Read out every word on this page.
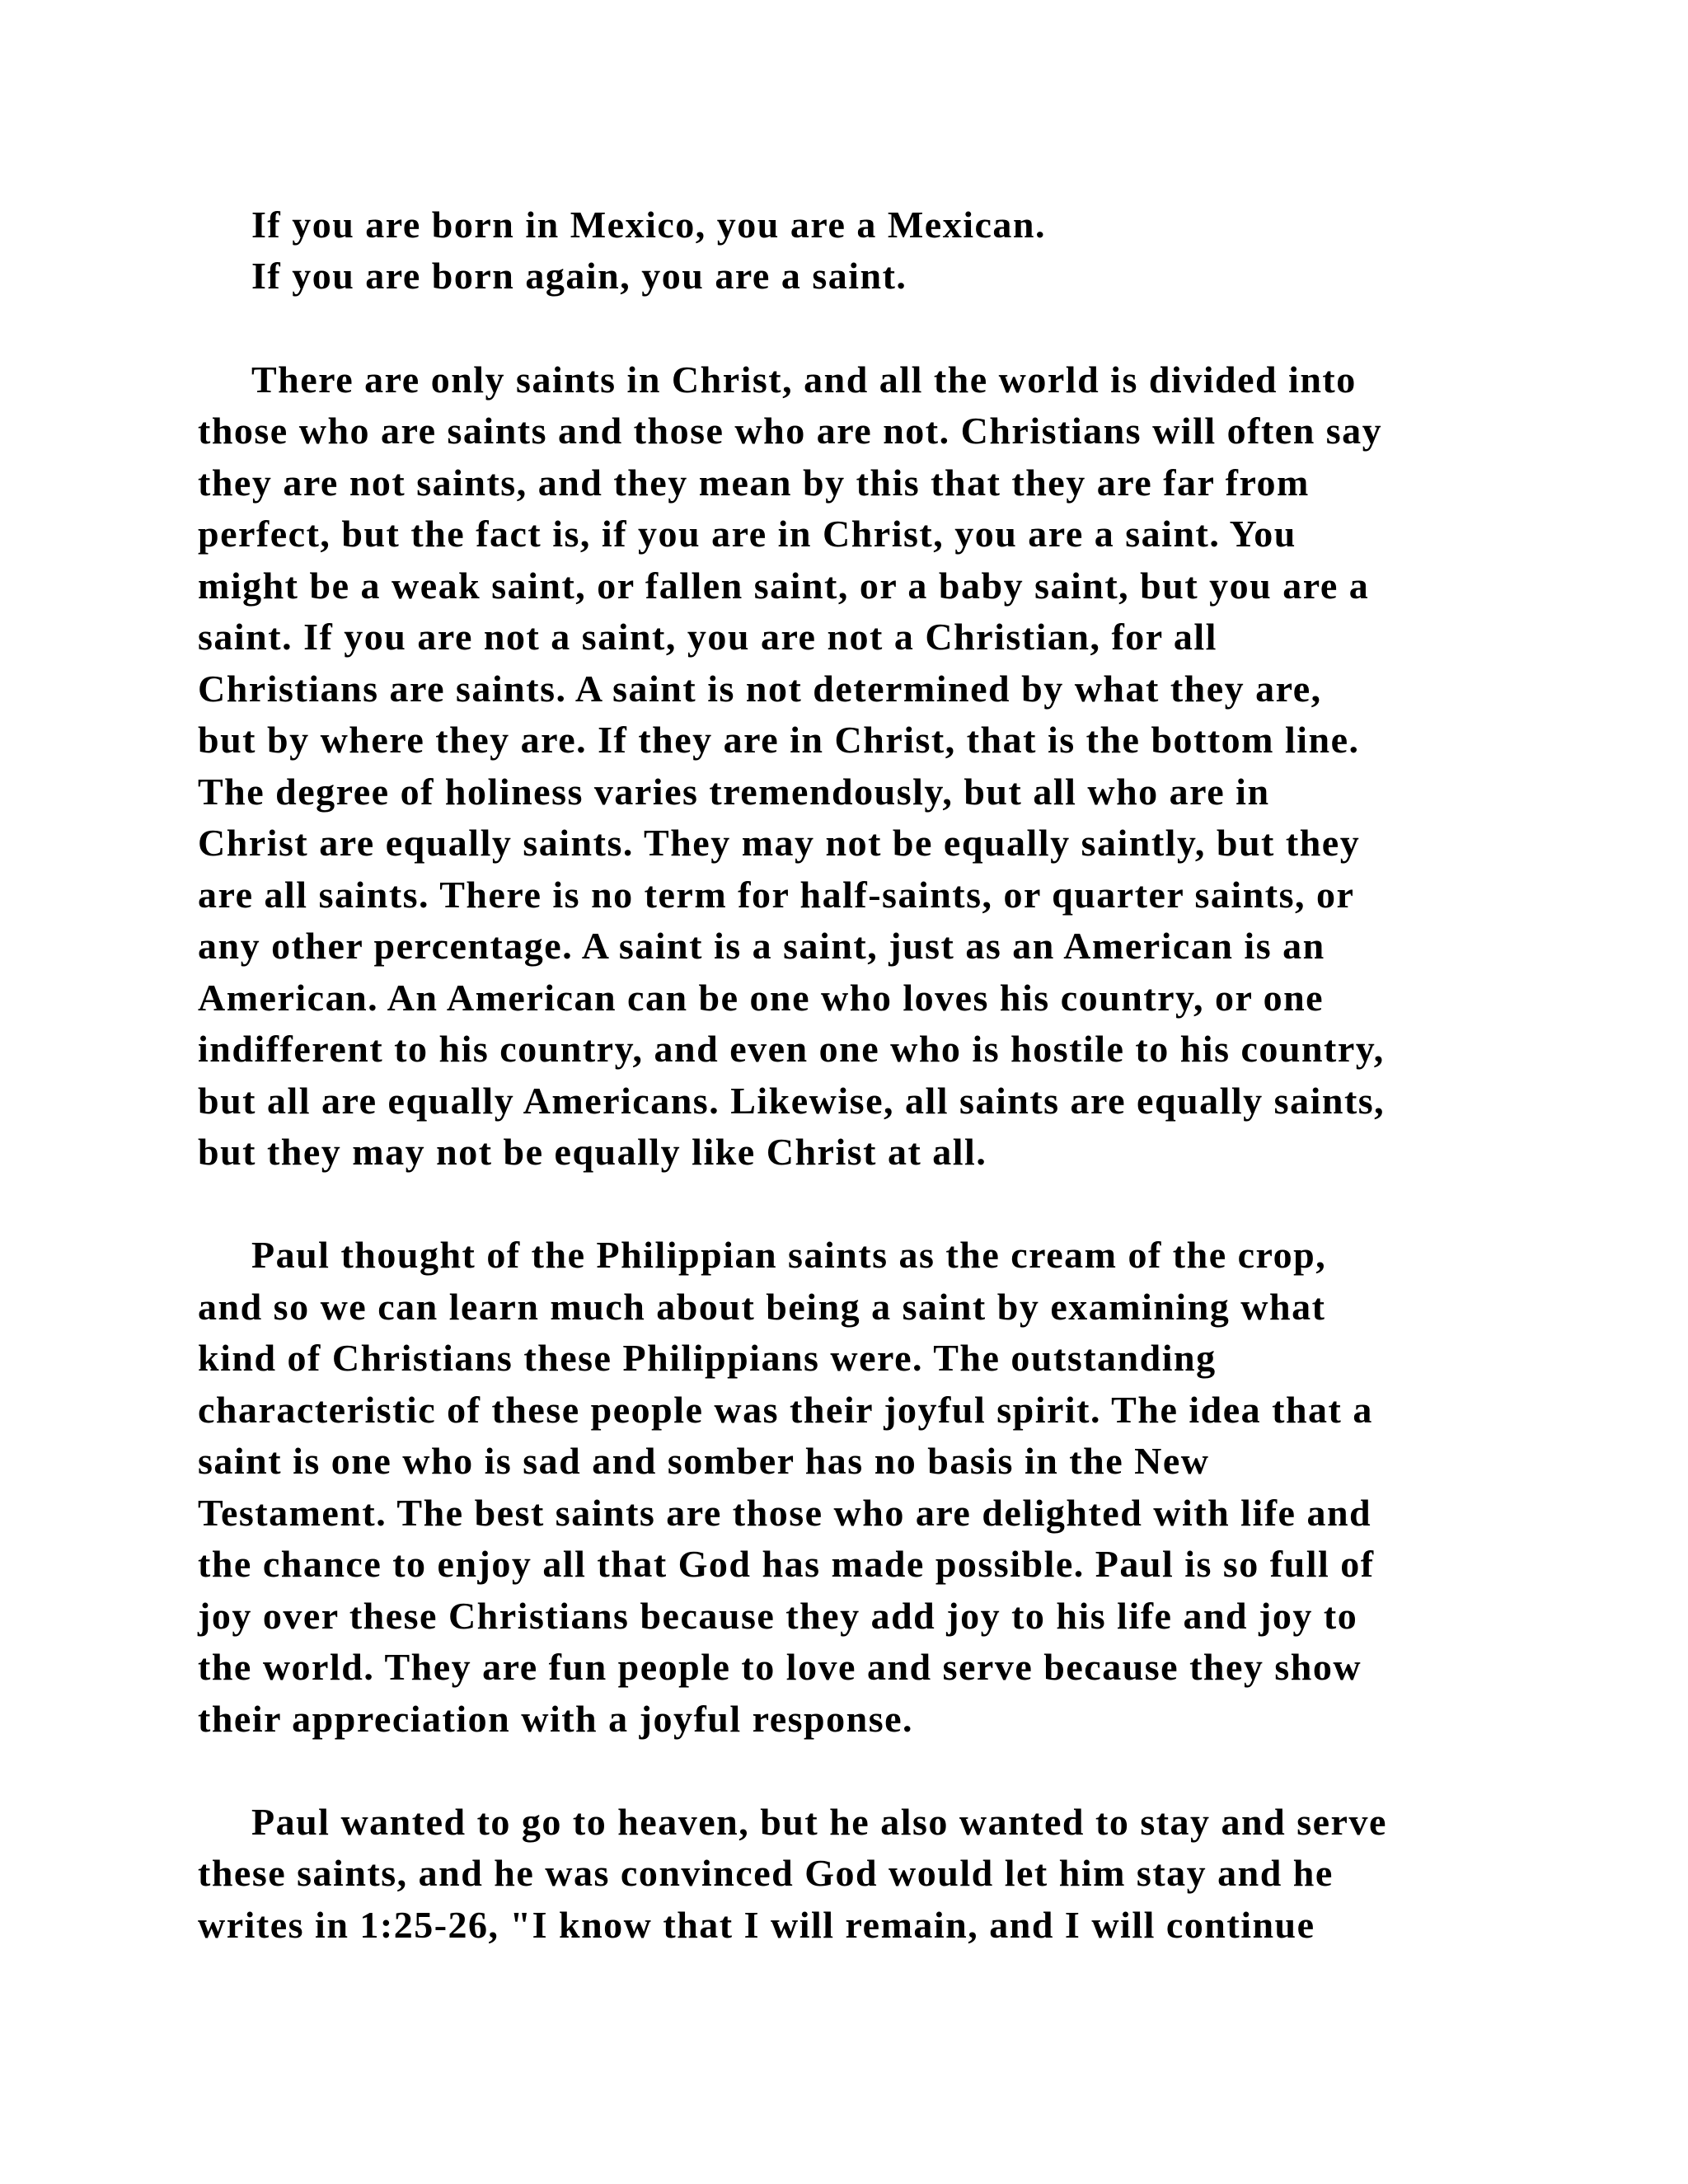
If you are born in Mexico, you are a Mexican.

If you are born again, you are a saint.

There are only saints in Christ, and all the world is divided into

those who are saints and those who are not. Christians will often say

they are not saints, and they mean by this that they are far from

perfect, but the fact is, if you are in Christ, you are a saint. You

might be a weak saint, or fallen saint, or a baby saint, but you are a

saint. If you are not a saint, you are not a Christian, for all

Christians are saints. A saint is not determined by what they are,

but by where they are. If they are in Christ, that is the bottom line.

The degree of holiness varies tremendously, but all who are in

Christ are equally saints. They may not be equally saintly, but they

are all saints. There is no term for half-saints, or quarter saints, or

any other percentage. A saint is a saint, just as an American is an

American. An American can be one who loves his country, or one

indifferent to his country, and even one who is hostile to his country,

but all are equally Americans. Likewise, all saints are equally saints,

but they may not be equally like Christ at all.

Paul thought of the Philippian saints as the cream of the crop,

and so we can learn much about being a saint by examining what

kind of Christians these Philippians were. The outstanding

characteristic of these people was their joyful spirit. The idea that a

saint is one who is sad and somber has no basis in the New

Testament. The best saints are those who are delighted with life and

the chance to enjoy all that God has made possible. Paul is so full of

joy over these Christians because they add joy to his life and joy to

the world. They are fun people to love and serve because they show

their appreciation with a joyful response.

Paul wanted to go to heaven, but he also wanted to stay and serve

these saints, and he was convinced God would let him stay and he

writes in 1:25-26, "I know that I will remain, and I will continue
